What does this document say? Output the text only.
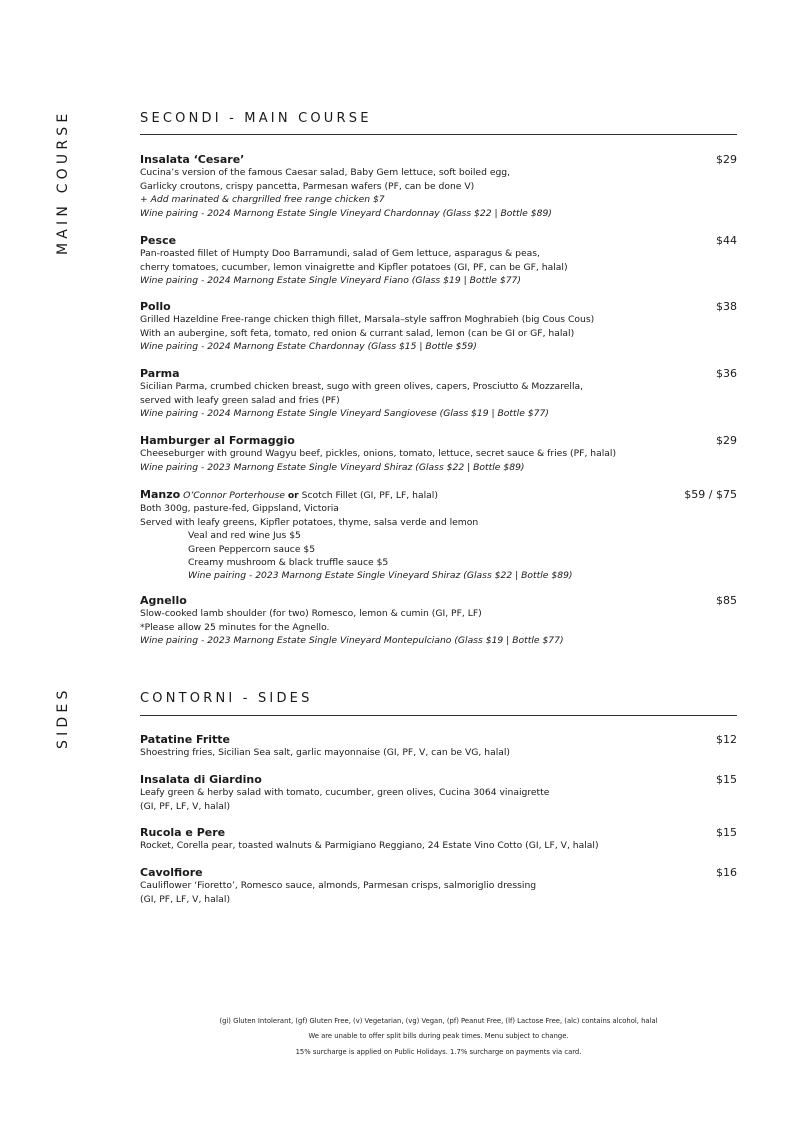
MAIN COURSE
SIDES
SECONDI - MAIN COURSE
Insalata ‘Cesare’	$29
Cucina’s version of the famous Caesar salad, Baby Gem lettuce, soft boiled egg,
Garlicky croutons, crispy pancetta, Parmesan wafers (PF, can be done V)
+ Add marinated & chargrilled free range chicken $7
Wine pairing - 2024 Marnong Estate Single Vineyard Chardonnay (Glass $22 | Bottle $89)
Pesce	$44
Pan-roasted fillet of Humpty Doo Barramundi, salad of Gem lettuce, asparagus & peas,
cherry tomatoes, cucumber, lemon vinaigrette and Kipfler potatoes (GI, PF, can be GF, halal)
Wine pairing - 2024 Marnong Estate Single Vineyard Fiano (Glass $19 | Bottle $77)
Pollo	$38
Grilled Hazeldine Free-range chicken thigh fillet, Marsala–style saffron Moghrabieh (big Cous Cous)
With an aubergine, soft feta, tomato, red onion & currant salad, lemon (can be GI or GF, halal)
Wine pairing - 2024 Marnong Estate Chardonnay (Glass $15 | Bottle $59)
Parma	$36
Sicilian Parma, crumbed chicken breast, sugo with green olives, capers, Prosciutto & Mozzarella,
served with leafy green salad and fries (PF)
Wine pairing - 2024 Marnong Estate Single Vineyard Sangiovese (Glass $19 | Bottle $77)
Hamburger al Formaggio	$29
Cheeseburger with ground Wagyu beef, pickles, onions, tomato, lettuce, secret sauce & fries (PF, halal)
Wine pairing - 2023 Marnong Estate Single Vineyard Shiraz (Glass $22 | Bottle $89)
Manzo O’Connor Porterhouse or Scotch Fillet (GI, PF, LF, halal)	$59 / $75
Both 300g, pasture-fed, Gippsland, Victoria
Served with leafy greens, Kipfler potatoes, thyme, salsa verde and lemon
Veal and red wine Jus $5
Green Peppercorn sauce $5
Creamy mushroom & black truffle sauce $5
Wine pairing - 2023 Marnong Estate Single Vineyard Shiraz (Glass $22 | Bottle $89)
Agnello	$85
Slow-cooked lamb shoulder (for two) Romesco, lemon & cumin (GI, PF, LF)
*Please allow 25 minutes for the Agnello.
Wine pairing - 2023 Marnong Estate Single Vineyard Montepulciano (Glass $19 | Bottle $77)
CONTORNI - SIDES
Patatine Fritte	$12
Shoestring fries, Sicilian Sea salt, garlic mayonnaise (GI, PF, V, can be VG, halal)
Insalata di Giardino	$15
Leafy green & herby salad with tomato, cucumber, green olives, Cucina 3064 vinaigrette
(GI, PF, LF, V, halal)
Rucola e Pere	$15
Rocket, Corella pear, toasted walnuts & Parmigiano Reggiano, 24 Estate Vino Cotto (GI, LF, V, halal)
Cavolfiore	$16
Cauliflower ‘Fioretto’, Romesco sauce, almonds, Parmesan crisps, salmoriglio dressing
(GI, PF, LF, V, halal)
(gi) Gluten Intolerant, (gf) Gluten Free, (v) Vegetarian, (vg) Vegan, (pf) Peanut Free, (lf) Lactose Free, (alc) contains alcohol, halal
We are unable to offer split bills during peak times. Menu subject to change.
15% surcharge is applied on Public Holidays. 1.7% surcharge on payments via card.
